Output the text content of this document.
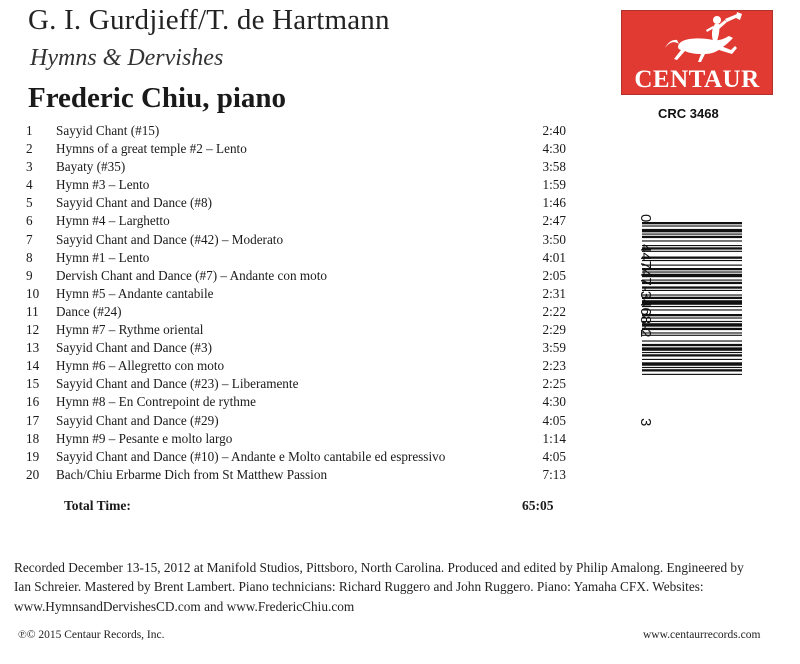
G. I. Gurdjieff/T. de Hartmann
Hymns & Dervishes
Frederic Chiu, piano
CENTAUR
CRC 3468
1 Sayyid Chant (#15)	2:40
2 Hymns of a great temple #2 – Lento	4:30
3 Bayaty (#35)	3:58
4 Hymn #3 – Lento	1:59
5 Sayyid Chant and Dance (#8)	1:46
6 Hymn #4 – Larghetto	2:47
7 Sayyid Chant and Dance (#42) – Moderato	3:50
8 Hymn #1 – Lento	4:01
9 Dervish Chant and Dance (#7) – Andante con moto	2:05
10 Hymn #5 – Andante cantabile	2:31
11 Dance (#24)	2:22
12 Hymn #7 – Rythme oriental	2:29
13 Sayyid Chant and Dance (#3)	3:59
14 Hymn #6 – Allegretto con moto	2:23
15 Sayyid Chant and Dance (#23) – Liberamente	2:25
16 Hymn #8 – En Contrepoint de rythme	4:30
17 Sayyid Chant and Dance (#29)	4:05
18 Hymn #9 – Pesante e molto largo	1:14
19 Sayyid Chant and Dance (#10) – Andante e Molto cantabile ed espressivo	4:05
20 Bach/Chiu Erbarme Dich from St Matthew Passion	7:13
Total Time:	65:05
0
44747-3468-2
3
Recorded December 13-15, 2012 at Manifold Studios, Pittsboro, North Carolina. Produced and edited by Philip Amalong. Engineered by Ian Schreier. Mastered by Brent Lambert. Piano technicians: Richard Ruggero and John Ruggero. Piano: Yamaha CFX. Websites: www.HymnsandDervishesCD.com and www.FredericChiu.com
℗© 2015 Centaur Records, Inc.	www.centaurrecords.com
